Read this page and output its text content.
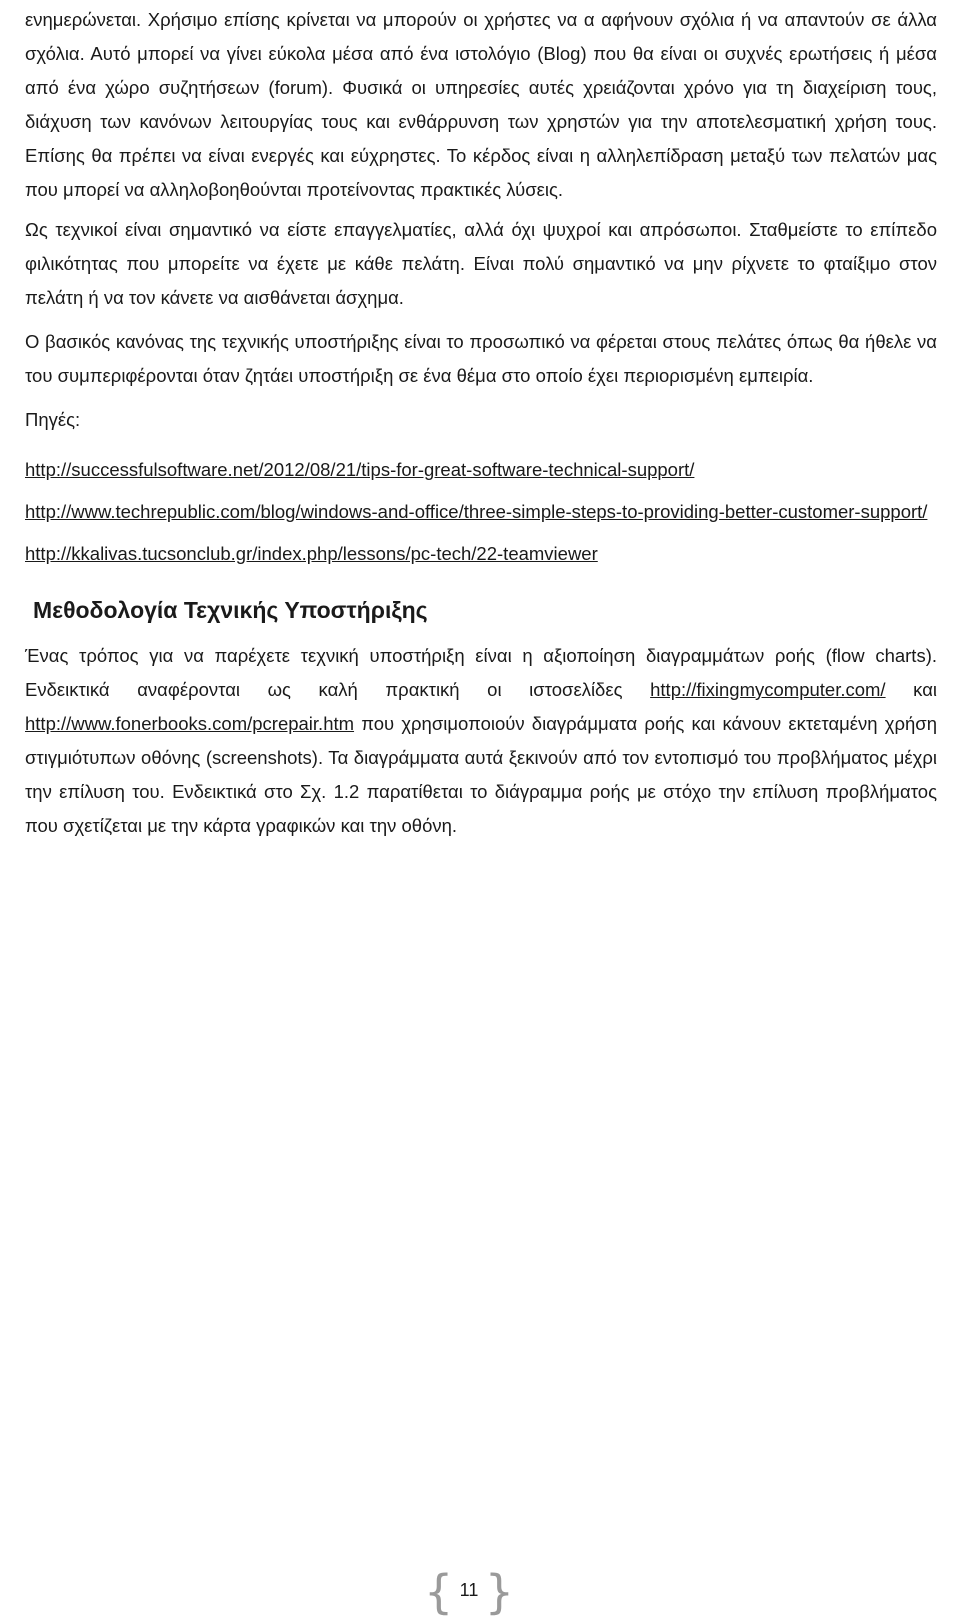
ενημερώνεται. Χρήσιμο επίσης κρίνεται να μπορούν οι χρήστες να α αφήνουν σχόλια ή να απαντούν σε άλλα σχόλια. Αυτό μπορεί να γίνει εύκολα μέσα από ένα ιστολόγιο (Blog) που θα είναι οι συχνές ερωτήσεις ή μέσα από ένα χώρο συζητήσεων (forum). Φυσικά οι υπηρεσίες αυτές χρειάζονται χρόνο για τη διαχείριση τους, διάχυση των κανόνων λειτουργίας τους και ενθάρρυνση των χρηστών για την αποτελεσματική χρήση τους. Επίσης θα πρέπει να είναι ενεργές και εύχρηστες. Το κέρδος είναι η αλληλεπίδραση μεταξύ των πελατών μας που μπορεί να αλληλοβοηθούνται προτείνοντας πρακτικές λύσεις.

Ως τεχνικοί είναι σημαντικό να είστε επαγγελματίες, αλλά όχι ψυχροί και απρόσωποι. Σταθμείστε το επίπεδο φιλικότητας που μπορείτε να έχετε με κάθε πελάτη. Είναι πολύ σημαντικό να μην ρίχνετε το φταίξιμο στον πελάτη ή να τον κάνετε να αισθάνεται άσχημα.

Ο βασικός κανόνας της τεχνικής υποστήριξης είναι το προσωπικό να φέρεται στους πελάτες όπως θα ήθελε να του συμπεριφέρονται όταν ζητάει υποστήριξη σε ένα θέμα στο οποίο έχει περιορισμένη εμπειρία.

Πηγές:

http://successfulsoftware.net/2012/08/21/tips-for-great-software-technical-support/
http://www.techrepublic.com/blog/windows-and-office/three-simple-steps-to-providing-better-customer-support/
http://kkalivas.tucsonclub.gr/index.php/lessons/pc-tech/22-teamviewer
Μεθοδολογία Τεχνικής Υποστήριξης

Ένας τρόπος για να παρέχετε τεχνική υποστήριξη είναι η αξιοποίηση διαγραμμάτων ροής (flow charts). Ενδεικτικά αναφέρονται ως καλή πρακτική οι ιστοσελίδες http://fixingmycomputer.com/ και http://www.fonerbooks.com/pcrepair.htm που χρησιμοποιούν διαγράμματα ροής και κάνουν εκτεταμένη χρήση στιγμιότυπων οθόνης (screenshots). Τα διαγράμματα αυτά ξεκινούν από τον εντοπισμό του προβλήματος μέχρι την επίλυση του. Ενδεικτικά στο Σχ. 1.2 παρατίθεται το διάγραμμα ροής με στόχο την επίλυση προβλήματος που σχετίζεται με την κάρτα γραφικών και την οθόνη.

{ 11 }
